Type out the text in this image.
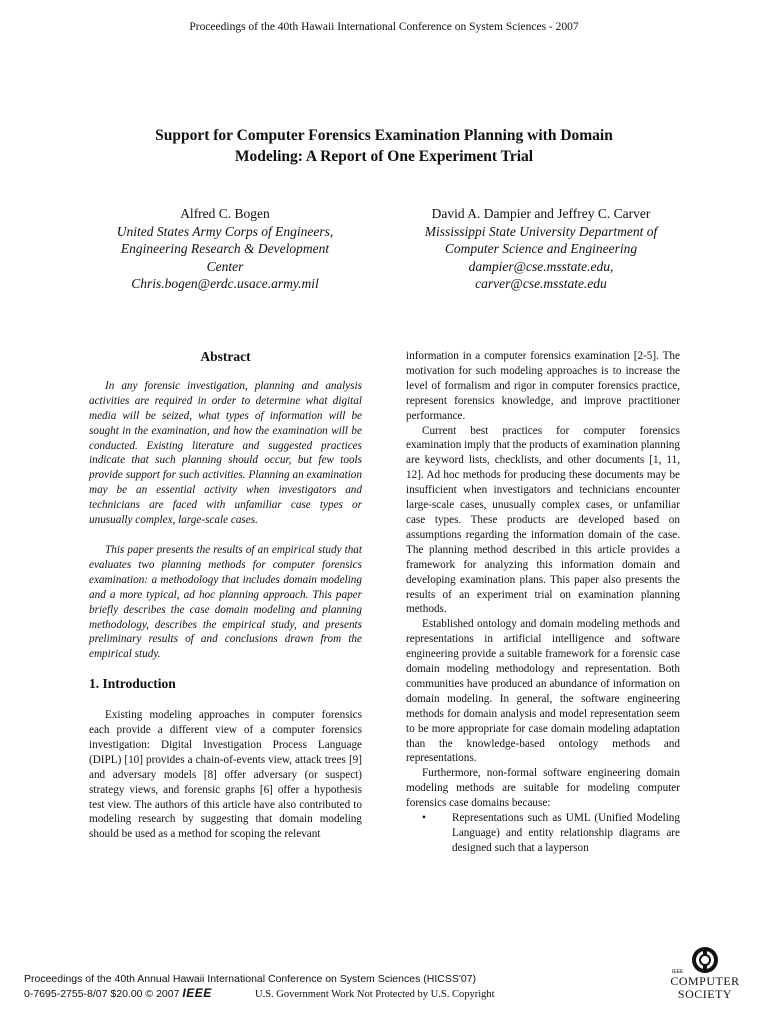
Proceedings of the 40th Hawaii International Conference on System Sciences - 2007
Support for Computer Forensics Examination Planning with Domain
Modeling: A Report of One Experiment Trial
Alfred C. Bogen
United States Army Corps of Engineers,
Engineering Research & Development
Center
Chris.bogen@erdc.usace.army.mil
David A. Dampier and Jeffrey C. Carver
Mississippi State University Department of
Computer Science and Engineering
dampier@cse.msstate.edu,
carver@cse.msstate.edu
Abstract

In any forensic investigation, planning and analysis activities are required in order to determine what digital media will be seized, what types of information will be sought in the examination, and how the examination will be conducted. Existing literature and suggested practices indicate that such planning should occur, but few tools provide support for such activities. Planning an examination may be an essential activity when investigators and technicians are faced with unfamiliar case types or unusually complex, large-scale cases.

This paper presents the results of an empirical study that evaluates two planning methods for computer forensics examination: a methodology that includes domain modeling and a more typical, ad hoc planning approach. This paper briefly describes the case domain modeling and planning methodology, describes the empirical study, and presents preliminary results of and conclusions drawn from the empirical study.

1. Introduction

Existing modeling approaches in computer forensics each provide a different view of a computer forensics investigation: Digital Investigation Process Language (DIPL) [10] provides a chain-of-events view, attack trees [9] and adversary models [8] offer adversary (or suspect) strategy views, and forensic graphs [6] offer a hypothesis test view. The authors of this article have also contributed to modeling research by suggesting that domain modeling should be used as a method for scoping the relevant

information in a computer forensics examination [2-5]. The motivation for such modeling approaches is to increase the level of formalism and rigor in computer forensics practice, represent forensics knowledge, and improve practitioner performance.

Current best practices for computer forensics examination imply that the products of examination planning are keyword lists, checklists, and other documents [1, 11, 12]. Ad hoc methods for producing these documents may be insufficient when investigators and technicians encounter large-scale cases, unusually complex cases, or unfamiliar case types. These products are developed based on assumptions regarding the information domain of the case. The planning method described in this article provides a framework for analyzing this information domain and developing examination plans. This paper also presents the results of an experiment trial on examination planning methods.

Established ontology and domain modeling methods and representations in artificial intelligence and software engineering provide a suitable framework for a forensic case domain modeling methodology and representation. Both communities have produced an abundance of information on domain modeling. In general, the software engineering methods for domain analysis and model representation seem to be more appropriate for case domain modeling adaptation than the knowledge-based ontology methods and representations.

Furthermore, non-formal software engineering domain modeling methods are suitable for modeling computer forensics case domains because:

•	Representations such as UML (Unified Modeling Language) and entity relationship diagrams are designed such that a layperson
Proceedings of the 40th Annual Hawaii International Conference on System Sciences (HICSS'07)
0-7695-2755-8/07 $20.00 © 2007 IEEE	U.S. Government Work Not Protected by U.S. Copyright
IEEE
COMPUTER
SOCIETY
